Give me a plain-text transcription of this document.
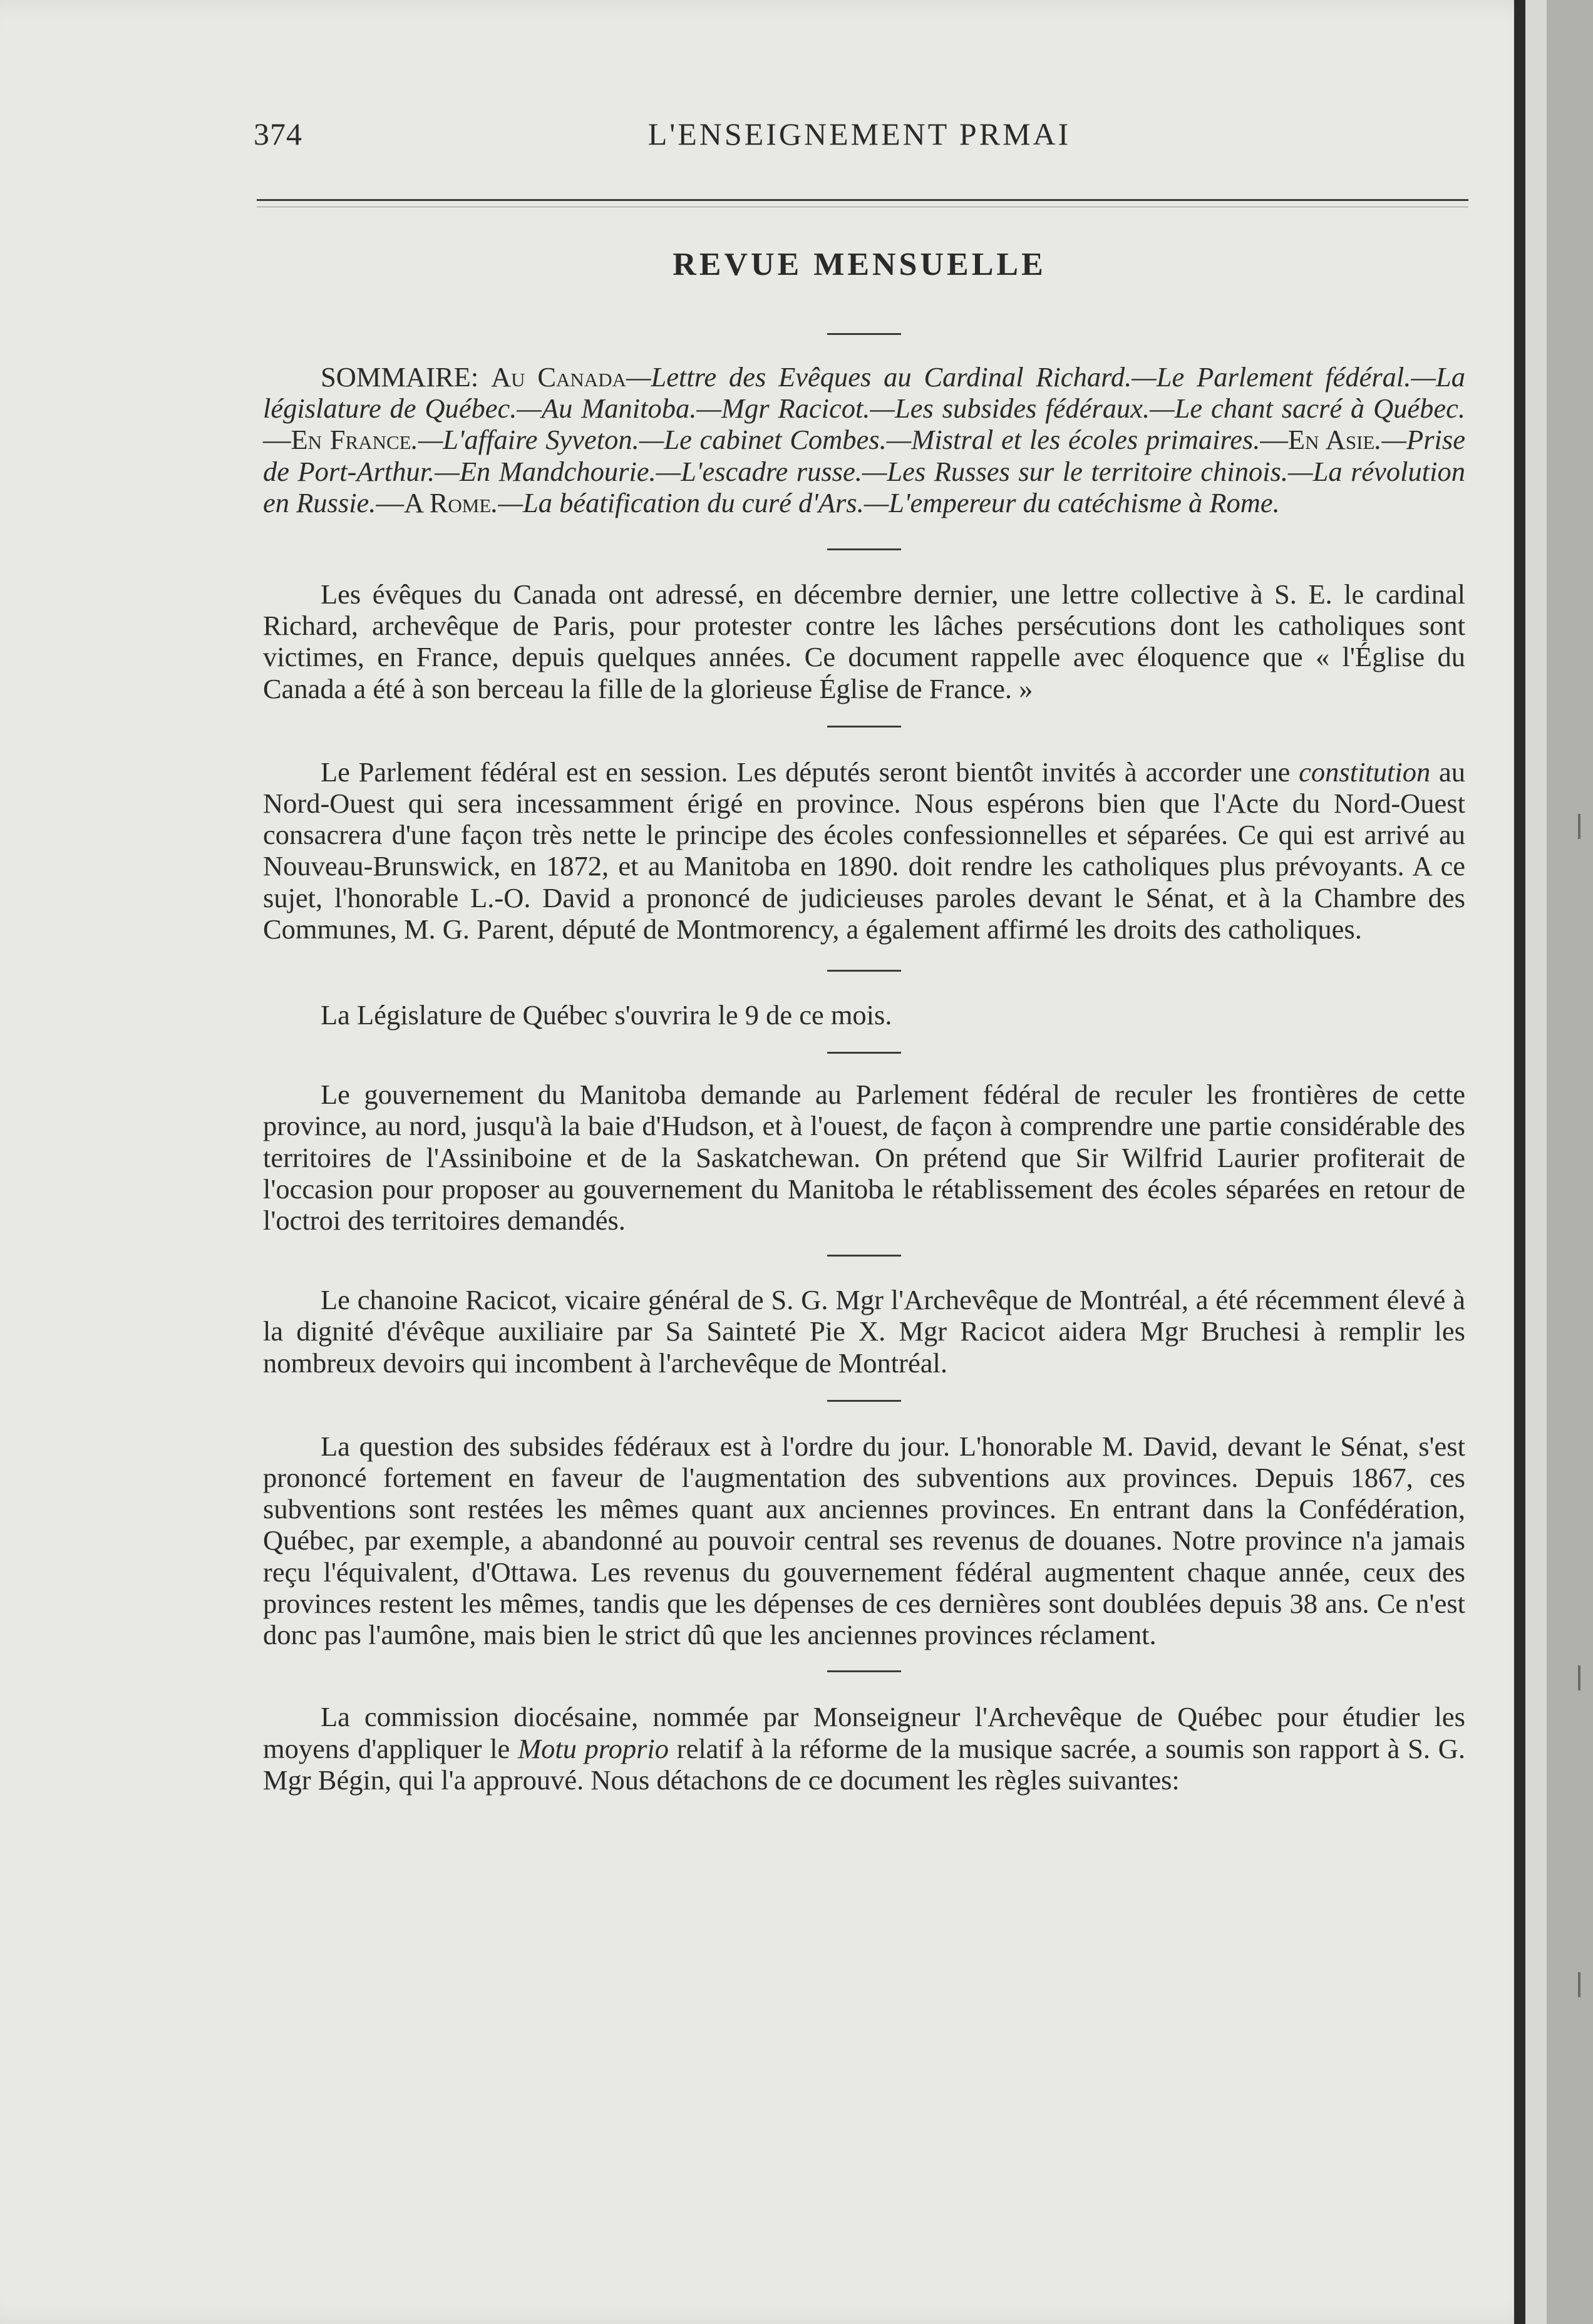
374	L'ENSEIGNEMENT PRMAI
REVUE MENSUELLE

SOMMAIRE: Au Canada—Lettre des Evêques au Cardinal Richard.—Le Parlement fédéral.—La législature de Québec.—Au Manitoba.—Mgr Racicot.—Les subsides fédéraux.—Le chant sacré à Québec.—En France.—L'affaire Syveton.—Le cabinet Combes.—Mistral et les écoles primaires.—En Asie.—Prise de Port-Arthur.—En Mandchourie.—L'escadre russe.—Les Russes sur le territoire chinois.—La révolution en Russie.—A Rome.—La béatification du curé d'Ars.—L'empereur du catéchisme à Rome.

Les évêques du Canada ont adressé, en décembre dernier, une lettre collective à S. E. le cardinal Richard, archevêque de Paris, pour protester contre les lâches persécutions dont les catholiques sont victimes, en France, depuis quelques années. Ce document rappelle avec éloquence que « l'Église du Canada a été à son berceau la fille de la glorieuse Église de France. »

Le Parlement fédéral est en session. Les députés seront bientôt invités à accorder une constitution au Nord-Ouest qui sera incessamment érigé en province. Nous espérons bien que l'Acte du Nord-Ouest consacrera d'une façon très nette le principe des écoles confessionnelles et séparées. Ce qui est arrivé au Nouveau-Brunswick, en 1872, et au Manitoba en 1890. doit rendre les catholiques plus prévoyants. A ce sujet, l'honorable L.-O. David a prononcé de judicieuses paroles devant le Sénat, et à la Chambre des Communes, M. G. Parent, député de Montmorency, a également affirmé les droits des catholiques.

La Législature de Québec s'ouvrira le 9 de ce mois.

Le gouvernement du Manitoba demande au Parlement fédéral de reculer les frontières de cette province, au nord, jusqu'à la baie d'Hudson, et à l'ouest, de façon à comprendre une partie considérable des territoires de l'Assiniboine et de la Saskatchewan. On prétend que Sir Wilfrid Laurier profiterait de l'occasion pour proposer au gouvernement du Manitoba le rétablissement des écoles séparées en retour de l'octroi des territoires demandés.

Le chanoine Racicot, vicaire général de S. G. Mgr l'Archevêque de Montréal, a été récemment élevé à la dignité d'évêque auxiliaire par Sa Sainteté Pie X. Mgr Racicot aidera Mgr Bruchesi à remplir les nombreux devoirs qui incombent à l'archevêque de Montréal.

La question des subsides fédéraux est à l'ordre du jour. L'honorable M. David, devant le Sénat, s'est prononcé fortement en faveur de l'augmentation des subventions aux provinces. Depuis 1867, ces subventions sont restées les mêmes quant aux anciennes provinces. En entrant dans la Confédération, Québec, par exemple, a abandonné au pouvoir central ses revenus de douanes. Notre province n'a jamais reçu l'équivalent, d'Ottawa. Les revenus du gouvernement fédéral augmentent chaque année, ceux des provinces restent les mêmes, tandis que les dépenses de ces dernières sont doublées depuis 38 ans. Ce n'est donc pas l'aumône, mais bien le strict dû que les anciennes provinces réclament.

La commission diocésaine, nommée par Monseigneur l'Archevêque de Québec pour étudier les moyens d'appliquer le Motu proprio relatif à la réforme de la musique sacrée, a soumis son rapport à S. G. Mgr Bégin, qui l'a approuvé. Nous détachons de ce document les règles suivantes:
